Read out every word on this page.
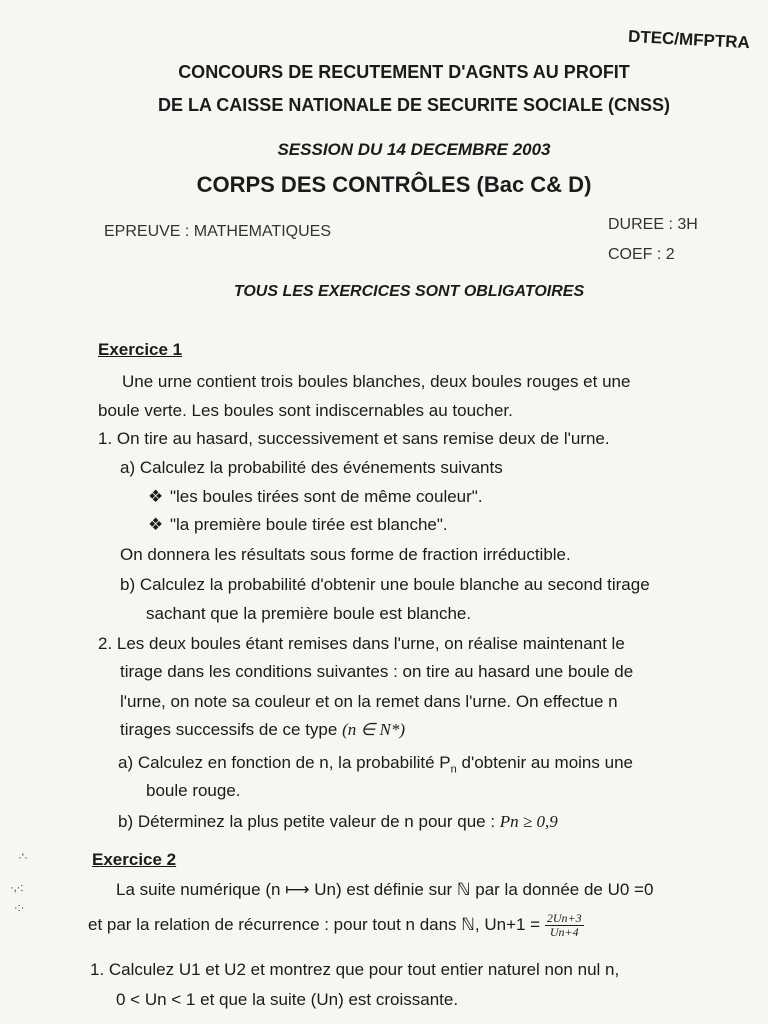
DTEC/MFPTRA
CONCOURS DE RECUTEMENT D'AGNTS AU PROFIT
DE LA CAISSE NATIONALE DE SECURITE SOCIALE (CNSS)
SESSION DU 14 DECEMBRE 2003
CORPS DES CONTRÔLES (Bac C& D)
EPREUVE : MATHEMATIQUES	DUREE : 3H
COEF : 2
TOUS LES EXERCICES SONT OBLIGATOIRES
Exercice 1
Une urne contient trois boules blanches, deux boules rouges et une
boule verte. Les boules sont indiscernables au toucher.
1. On tire au hasard, successivement et sans remise deux de l'urne.
a) Calculez la probabilité des événements suivants
❖ "les boules tirées sont de même couleur".
❖ "la première boule tirée est blanche".
On donnera les résultats sous forme de fraction irréductible.
b) Calculez la probabilité d'obtenir une boule blanche au second tirage
sachant que la première boule est blanche.
2. Les deux boules étant remises dans l'urne, on réalise maintenant le
tirage dans les conditions suivantes : on tire au hasard une boule de
l'urne, on note sa couleur et on la remet dans l'urne. On effectue n
tirages successifs de ce type (n ∈ N*)
a) Calculez en fonction de n, la probabilité $P_n$ d'obtenir au moins une
boule rouge.
b) Déterminez la plus petite valeur de n pour que : Pn ≥ 0,9
Exercice 2
La suite numérique (n ⟼ Un) est définie sur ℕ par la donnée de U0 =0
et par la relation de récurrence : pour tout n dans ℕ, $Un+1 = \frac{2Un+3}{Un+4}$
1. Calculez U1 et U2 et montrez que pour tout entier naturel non nul n,
0 < Un < 1 et que la suite (Un) est croissante.
·’·
·,·:
·:·
